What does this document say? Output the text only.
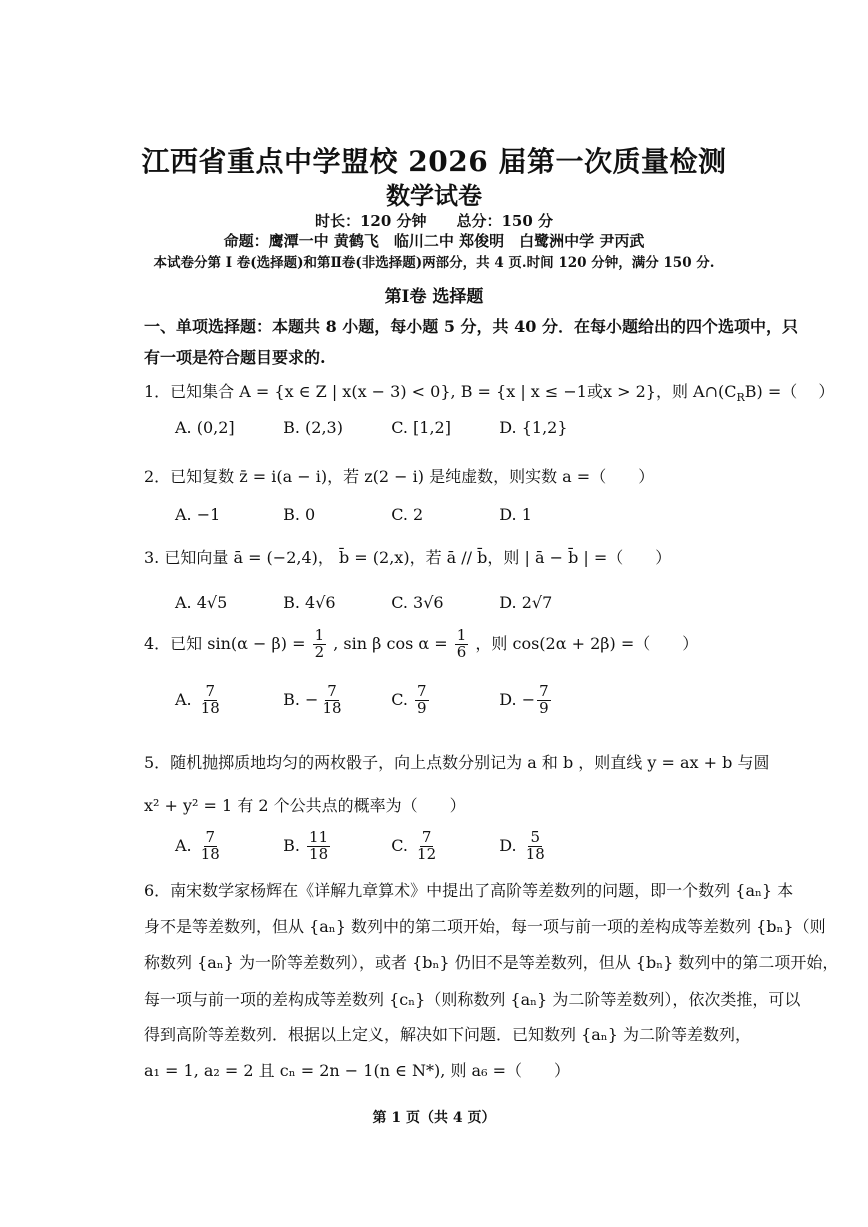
江西省重点中学盟校 2026 届第一次质量检测
数学试卷
时长：120 分钟　　总分：150 分
命题：鹰潭一中 黄鹤飞　临川二中 郑俊明　白鹭洲中学 尹丙武
本试卷分第 I 卷(选择题)和第Ⅱ卷(非选择题)两部分，共 4 页.时间 120 分钟，满分 150 分.
第Ⅰ卷 选择题
一、单项选择题：本题共 8 小题，每小题 5 分，共 40 分．在每小题给出的四个选项中，只
有一项是符合题目要求的.
1．已知集合 A = {x ∈ Z | x(x − 3) < 0}, B = {x | x ≤ −1或x > 2}，则 $A\cap(C_RB)$ =（　 ）
A. (0,2]	B. (2,3)	C. [1,2]	D. {1,2}
2．已知复数 z̄ = i(a − i)，若 z(2 − i) 是纯虚数，则实数 a =（　　）
A. −1	B. 0	C. 2	D. 1
3. 已知向量 ā = (−2,4)， b̄ = (2,x)，若 ā // b̄，则 | ā − b̄ | =（　　）
A. 4√5	B. 4√6	C. 3√6	D. 2√7
4．已知 $\sin(\alpha - \beta) = \frac{1}{2}$ , sin β $\cos \alpha = \frac{1}{6}$ ，则 cos(2α + 2β) =（　　）
A. $\frac{7}{18}$	B. − $\frac{7}{18}$	C. $\frac{7}{9}$	D. − $\frac{7}{9}$
5．随机抛掷质地均匀的两枚骰子，向上点数分别记为 a 和 b ，则直线 y = ax + b 与圆
x² + y² = 1 有 2 个公共点的概率为（　　）
A. $\frac{7}{18}$	B. $\frac{11}{18}$	C. $\frac{7}{12}$	D. $\frac{5}{18}$
6．南宋数学家杨辉在《详解九章算术》中提出了高阶等差数列的问题，即一个数列 {aₙ} 本
身不是等差数列，但从 {aₙ} 数列中的第二项开始，每一项与前一项的差构成等差数列 {bₙ}（则
称数列 {aₙ} 为一阶等差数列），或者 {bₙ} 仍旧不是等差数列，但从 {bₙ} 数列中的第二项开始，
每一项与前一项的差构成等差数列 {cₙ}（则称数列 {aₙ} 为二阶等差数列），依次类推，可以
得到高阶等差数列．根据以上定义，解决如下问题．已知数列 {aₙ} 为二阶等差数列，
a₁ = 1, a₂ = 2 且 cₙ = 2n − 1(n ∈ N*), 则 a₆ =（　　）
第 1 页（共 4 页）
